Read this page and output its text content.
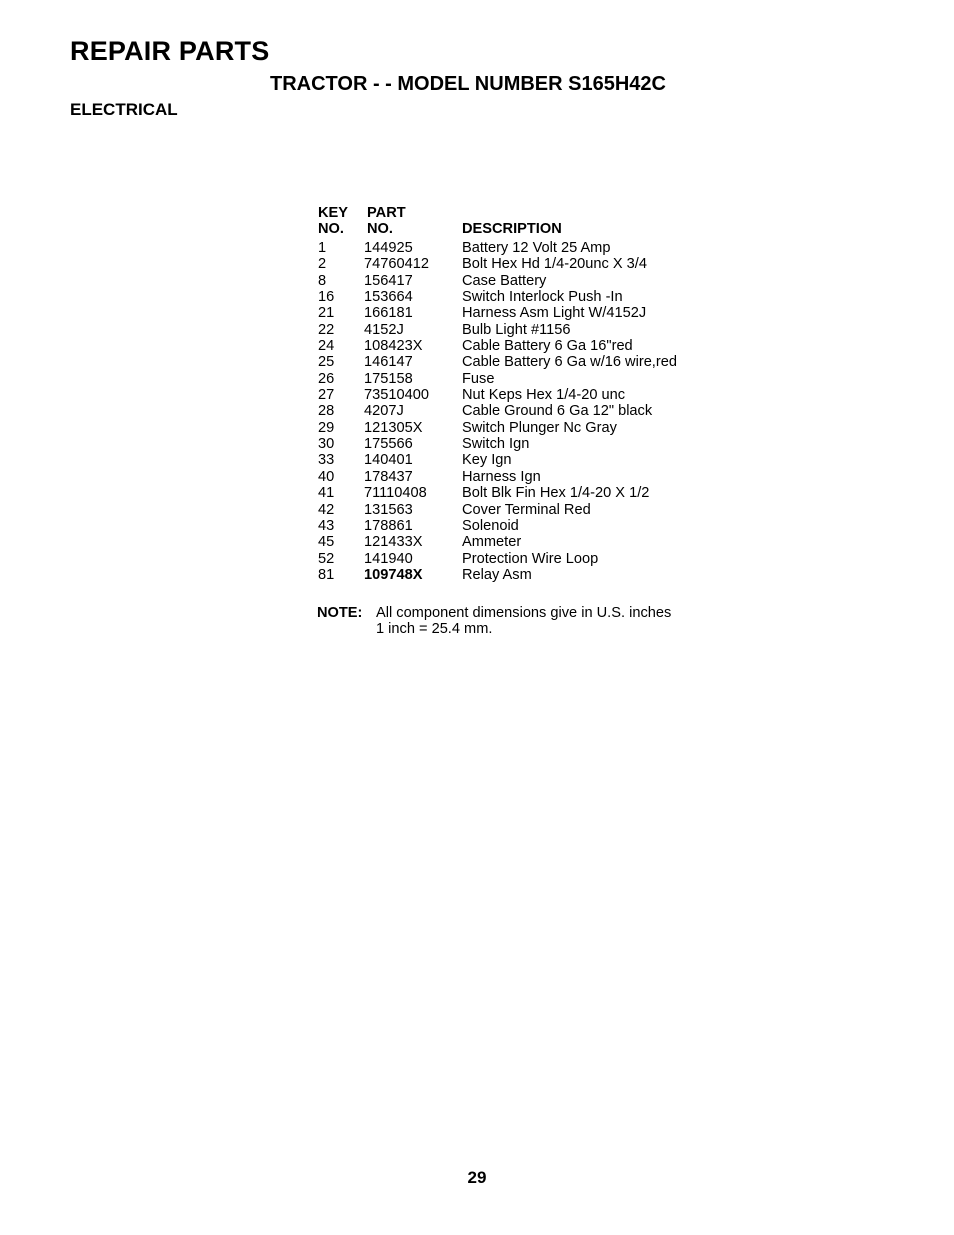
REPAIR PARTS
TRACTOR - - MODEL NUMBER S165H42C
ELECTRICAL
KEY
NO.
PART
NO.	DESCRIPTION
1	144925	Battery 12 Volt 25 Amp
2	74760412 Bolt Hex Hd 1/4-20unc X 3/4
8	156417	Case Battery
16 153664	Switch Interlock Push -In
21 166181	Harness Asm Light W/4152J
22 4152J	Bulb Light #1156
24 108423X	Cable Battery 6 Ga 16"red
25 146147	Cable Battery 6 Ga w/16 wire,red
26 175158	Fuse
27 73510400 Nut Keps Hex 1/4-20 unc
28 4207J	Cable Ground 6 Ga 12" black
29 121305X	Switch Plunger Nc Gray
30 175566	Switch Ign
33 140401	Key Ign
40 178437	Harness Ign
41 71110408 Bolt Blk Fin Hex 1/4-20 X 1/2
42 131563	Cover Terminal Red
43 178861	Solenoid
45 121433X	Ammeter
52 141940	Protection Wire Loop
81 109748X	Relay Asm
NOTE: All component dimensions give in U.S. inches
1 inch = 25.4 mm.
29
